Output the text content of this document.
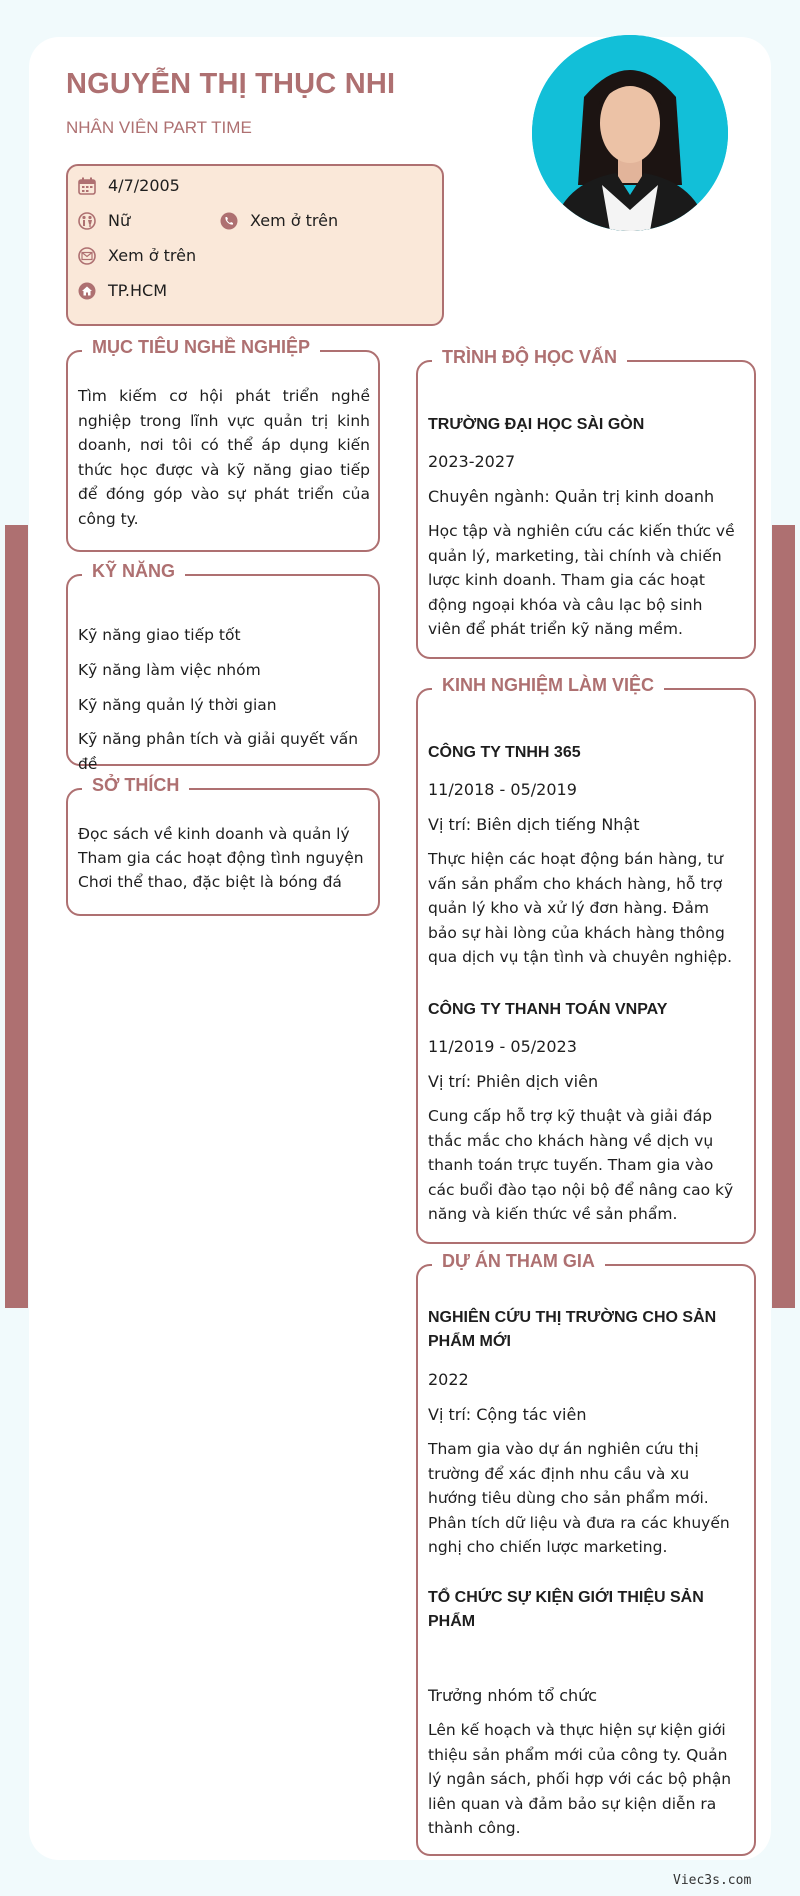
NGUYỄN THỊ THỤC NHI
NHÂN VIÊN PART TIME
4/7/2005
Nữ	Xem ở trên
Xem ở trên
TP.HCM
MỤC TIÊU NGHỀ NGHIỆP
Tìm kiếm cơ hội phát triển nghề nghiệp trong lĩnh vực quản trị kinh doanh, nơi tôi có thể áp dụng kiến thức học được và kỹ năng giao tiếp để đóng góp vào sự phát triển của công ty.
KỸ NĂNG
Kỹ năng giao tiếp tốt
Kỹ năng làm việc nhóm
Kỹ năng quản lý thời gian
Kỹ năng phân tích và giải quyết vấn đề
SỞ THÍCH
Đọc sách về kinh doanh và quản lý
Tham gia các hoạt động tình nguyện
Chơi thể thao, đặc biệt là bóng đá
TRÌNH ĐỘ HỌC VẤN
TRƯỜNG ĐẠI HỌC SÀI GÒN
2023-2027
Chuyên ngành: Quản trị kinh doanh
Học tập và nghiên cứu các kiến thức về quản lý, marketing, tài chính và chiến lược kinh doanh. Tham gia các hoạt động ngoại khóa và câu lạc bộ sinh viên để phát triển kỹ năng mềm.
KINH NGHIỆM LÀM VIỆC
CÔNG TY TNHH 365
11/2018 - 05/2019
Vị trí: Biên dịch tiếng Nhật
Thực hiện các hoạt động bán hàng, tư vấn sản phẩm cho khách hàng, hỗ trợ quản lý kho và xử lý đơn hàng. Đảm bảo sự hài lòng của khách hàng thông qua dịch vụ tận tình và chuyên nghiệp.
CÔNG TY THANH TOÁN VNPAY
11/2019 - 05/2023
Vị trí: Phiên dịch viên
Cung cấp hỗ trợ kỹ thuật và giải đáp thắc mắc cho khách hàng về dịch vụ thanh toán trực tuyến. Tham gia vào các buổi đào tạo nội bộ để nâng cao kỹ năng và kiến thức về sản phẩm.
DỰ ÁN THAM GIA
NGHIÊN CỨU THỊ TRƯỜNG CHO SẢN PHẨM MỚI
2022
Vị trí: Cộng tác viên
Tham gia vào dự án nghiên cứu thị trường để xác định nhu cầu và xu hướng tiêu dùng cho sản phẩm mới. Phân tích dữ liệu và đưa ra các khuyến nghị cho chiến lược marketing.
TỔ CHỨC SỰ KIỆN GIỚI THIỆU SẢN PHẨM
Trưởng nhóm tổ chức
Lên kế hoạch và thực hiện sự kiện giới thiệu sản phẩm mới của công ty. Quản lý ngân sách, phối hợp với các bộ phận liên quan và đảm bảo sự kiện diễn ra thành công.
Viec3s.com
